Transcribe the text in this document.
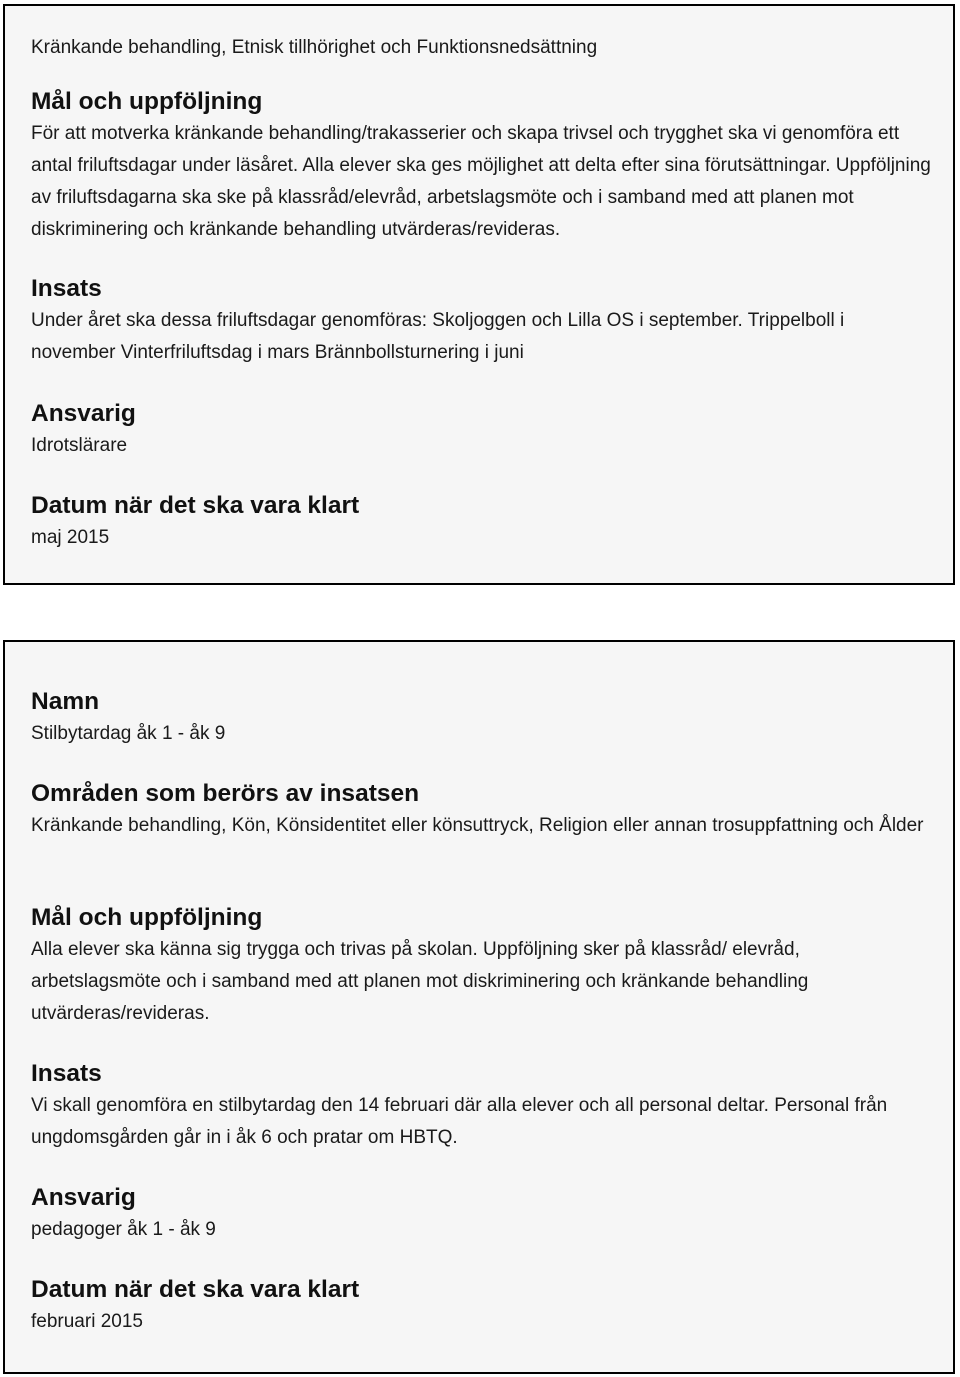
Kränkande behandling, Etnisk tillhörighet och Funktionsnedsättning

Mål och uppföljning

För att motverka kränkande behandling/trakasserier och skapa trivsel och trygghet ska vi genomföra ett antal friluftsdagar under läsåret. Alla elever ska ges möjlighet att delta efter sina förutsättningar. Uppföljning av friluftsdagarna ska ske på klassråd/elevråd, arbetslagsmöte och i samband med att planen mot diskriminering och kränkande behandling utvärderas/revideras.

Insats

Under året ska dessa friluftsdagar genomföras: Skoljoggen och Lilla OS i september. Trippelboll i november Vinterfriluftsdag i mars Brännbollsturnering i juni

Ansvarig

Idrotslärare

Datum när det ska vara klart

maj 2015

Namn

Stilbytardag åk 1 - åk 9

Områden som berörs av insatsen

Kränkande behandling, Kön, Könsidentitet eller könsuttryck, Religion eller annan trosuppfattning och Ålder

Mål och uppföljning

Alla elever ska känna sig trygga och trivas på skolan. Uppföljning sker på klassråd/ elevråd, arbetslagsmöte och i samband med att planen mot diskriminering och kränkande behandling utvärderas/revideras.

Insats

Vi skall genomföra en stilbytardag den 14 februari där alla elever och all personal deltar. Personal från ungdomsgården går in i åk 6 och pratar om HBTQ.

Ansvarig

pedagoger åk 1 - åk 9

Datum när det ska vara klart

februari 2015
